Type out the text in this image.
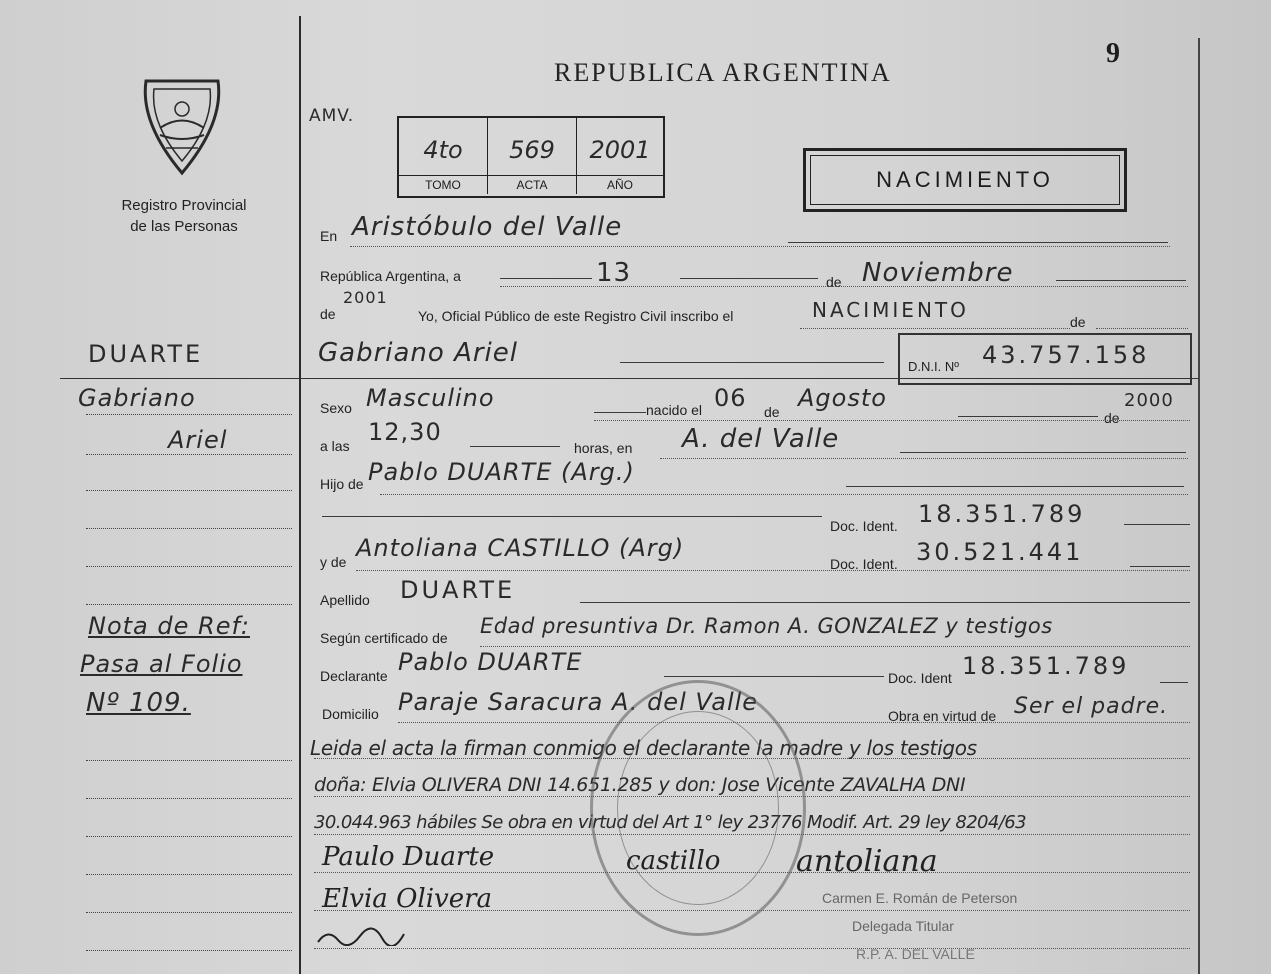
9
Registro Provincial
de las Personas
REPUBLICA ARGENTINA
AMV.
4to
TOMO
569
ACTA
2001
AÑO	NACIMIENTO
DUARTE
Gabriano
Ariel
Nota de Ref:
Pasa al Folio
Nº 109.
En Aristóbulo del Valle
República Argentina, a	13	de Noviembre
de
2001
Yo, Oficial Público de este Registro Civil inscribo el	NACIMIENTO	de
Gabriano Ariel	D.N.I. Nº 43.757.158
Sexo Masculino	nacido el 06 de Agosto
de
2000
a las 12,30
horas, en A. del Valle
Hijo de Pablo DUARTE (Arg.)
Doc. Ident. 18.351.789
y de Antoliana CASTILLO (Arg)
Doc. Ident. 30.521.441
Apellido DUARTE
Según certificado de Edad presuntiva Dr. Ramon A. GONZALEZ y testigos
Declarante Pablo DUARTE
Doc. Ident 18.351.789
Domicilio Paraje Saracura A. del Valle	Obra en virtud de Ser el padre.
Leida el acta la firman conmigo el declarante la madre y los testigos
doña: Elvia OLIVERA DNI 14.651.285 y don: Jose Vicente ZAVALHA DNI
30.044.963 hábiles Se obra en virtud del Art 1° ley 23776 Modif. Art. 29 ley 8204/63
Paulo Duarte	castillo	antoliana
Elvia Olivera	Carmen E. Román de Peterson
Delegada Titular
R.P. A. DEL VALLE
